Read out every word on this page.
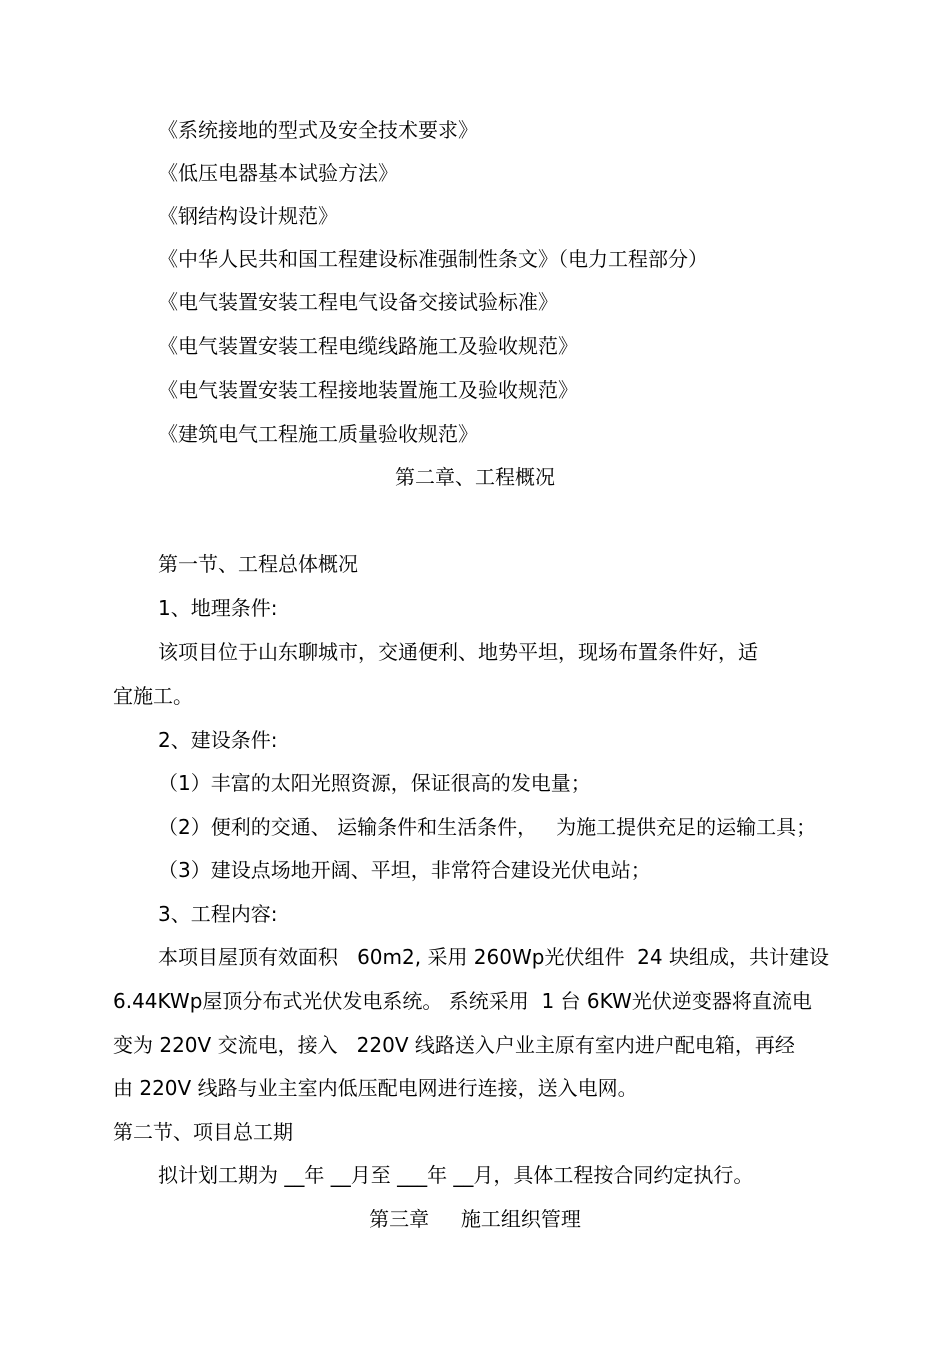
《系统接地的型式及安全技术要求》
《低压电器基本试验方法》
《钢结构设计规范》
《中华人民共和国工程建设标准强制性条文》（电力工程部分）
《电气装置安装工程电气设备交接试验标准》
《电气装置安装工程电缆线路施工及验收规范》
《电气装置安装工程接地装置施工及验收规范》
《建筑电气工程施工质量验收规范》
第二章、工程概况
第一节、工程总体概况
1、地理条件:
该项目位于山东聊城市，交通便利、地势平坦，现场布置条件好，适
宜施工。
2、建设条件:
（1）丰富的太阳光照资源，保证很高的发电量；
（2）便利的交通、 运输条件和生活条件，   为施工提供充足的运输工具；
（3）建设点场地开阔、平坦，非常符合建设光伏电站；
3、工程内容:
本项目屋顶有效面积   60m2, 采用 260Wp光伏组件  24 块组成，共计建设
6.44KWp屋顶分布式光伏发电系统。 系统采用  1 台 6KW光伏逆变器将直流电
变为 220V 交流电，接入   220V 线路送入户业主原有室内进户配电箱，再经
由 220V 线路与业主室内低压配电网进行连接，送入电网。
第二节、项目总工期
拟计划工期为 __年 __月至 ___年 __月，具体工程按合同约定执行。
第三章     施工组织管理
